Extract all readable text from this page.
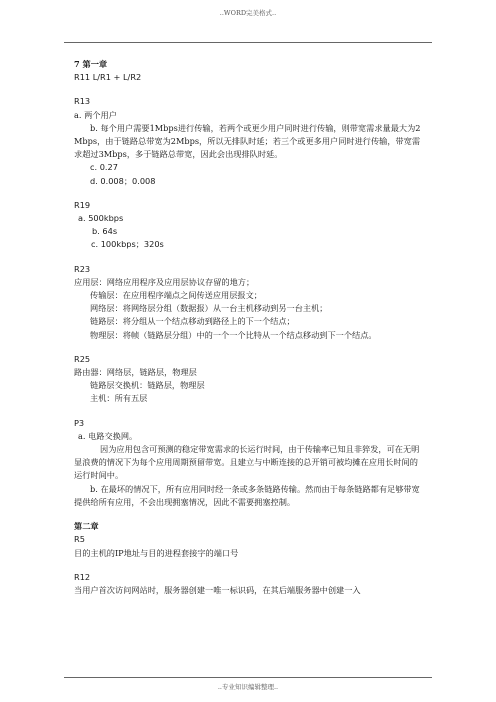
..WORD完美格式..
7 第一章
R11 L/R1 + L/R2
R13
a. 两个用户
b. 每个用户需要1Mbps进行传输，若两个或更少用户同时进行传输，则带宽需求量最大为2Mbps，由于链路总带宽为2Mbps，所以无排队时延；若三个或更多用户同时进行传输，带宽需求超过3Mbps，多于链路总带宽，因此会出现排队时延。
c. 0.27
d. 0.008；0.008
R19
a. 500kbps
b. 64s
c. 100kbps；320s
R23
应用层：网络应用程序及应用层协议存留的地方；
传输层：在应用程序端点之间传送应用层报文；
网络层：将网络层分组（数据报）从一台主机移动到另一台主机；
链路层：将分组从一个结点移动到路径上的下一个结点；
物理层：将帧（链路层分组）中的一个一个比特从一个结点移动到下一个结点。
R25
路由器：网络层，链路层，物理层
链路层交换机：链路层，物理层
主机：所有五层
P3
a. 电路交换网。
因为应用包含可预测的稳定带宽需求的长运行时间，由于传输率已知且非猝发，可在无明显浪费的情况下为每个应用周期预留带宽。且建立与中断连接的总开销可被均摊在应用长时间的运行时间中。
b. 在最坏的情况下，所有应用同时经一条或多条链路传输。然而由于每条链路都有足够带宽提供给所有应用，不会出现拥塞情况，因此不需要拥塞控制。
第二章
R5
目的主机的IP地址与目的进程套接字的端口号
R12
当用户首次访问网站时，服务器创建一唯一标识码，在其后端服务器中创建一入
..专业知识编辑整理..
